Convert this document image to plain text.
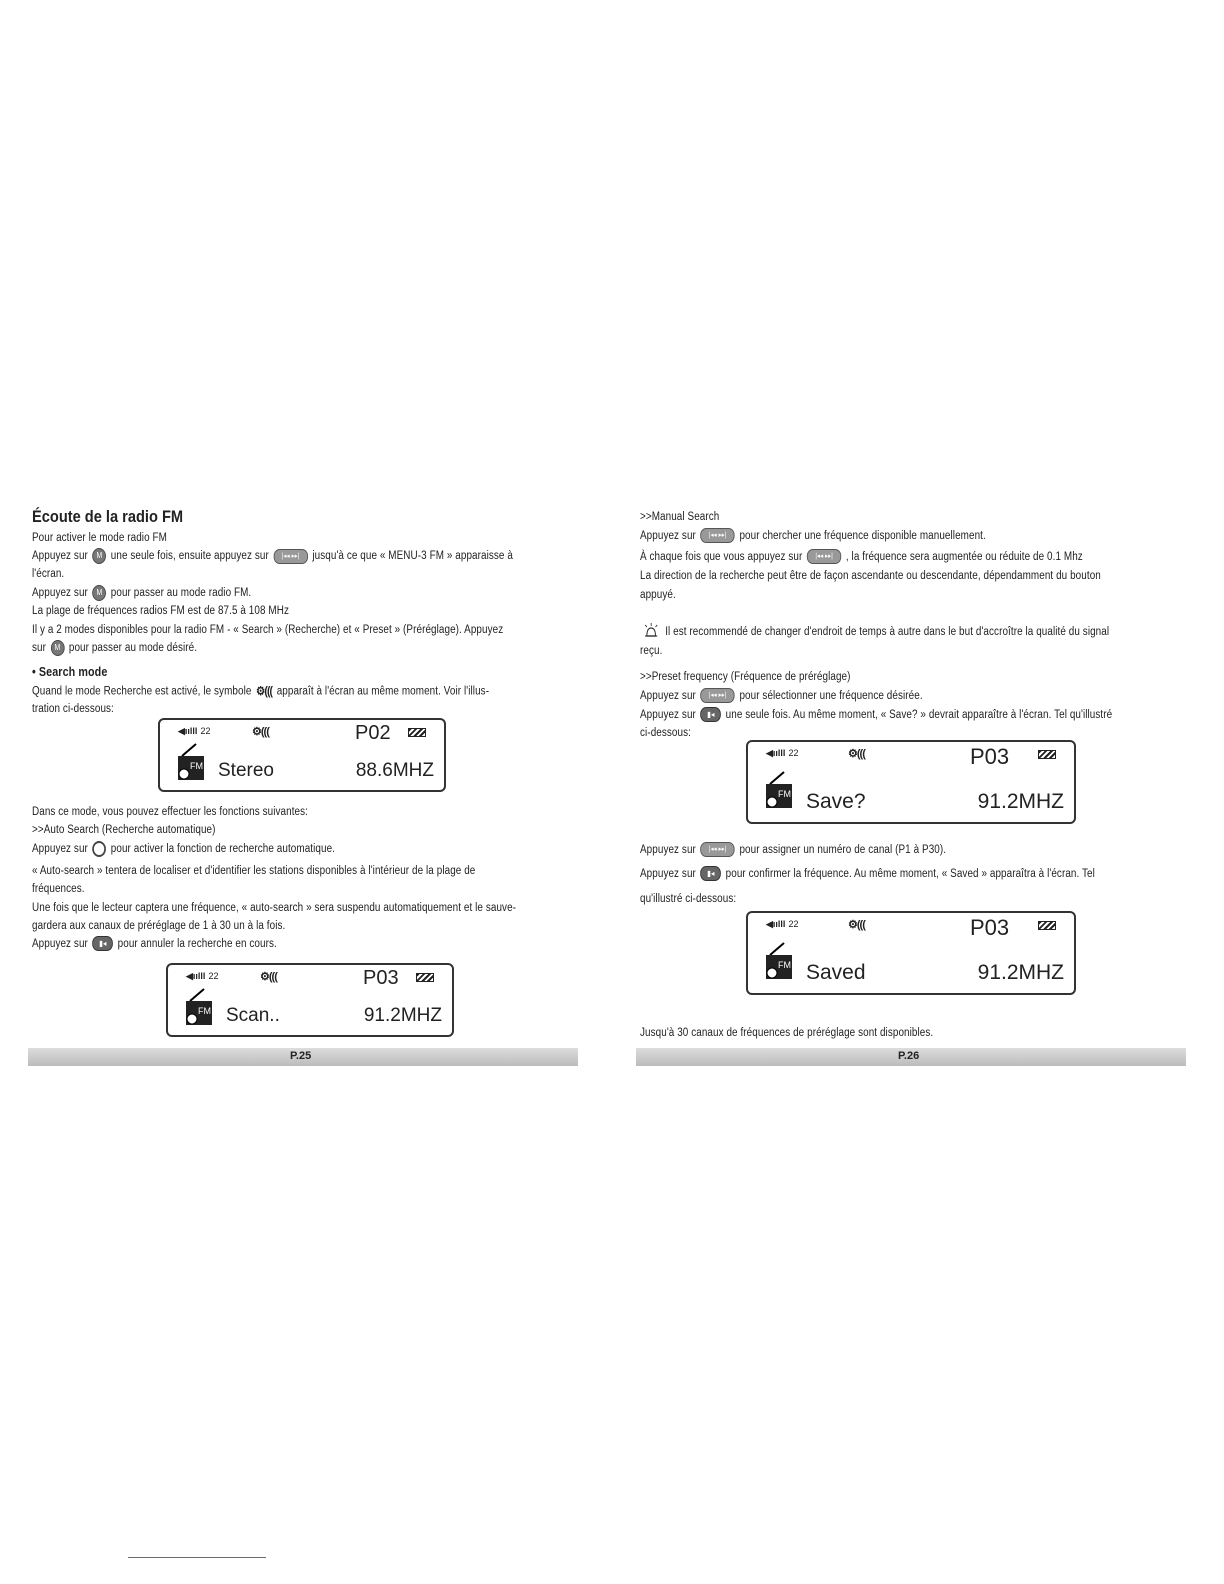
Écoute de la radio FM
Pour activer le mode radio FM
Appuyez sur M une seule fois, ensuite appuyez sur |◂◂ ▸▸| jusqu'à ce que « MENU-3 FM » apparaisse à
l'écran.
Appuyez sur M pour passer au mode radio FM.
La plage de fréquences radios FM est de 87.5 à 108 MHz
Il y a 2 modes disponibles pour la radio FM - « Search » (Recherche) et « Preset » (Préréglage). Appuyez
sur M pour passer au mode désiré.
• Search mode
Quand le mode Recherche est activé, le symbole ⚙((( apparaît à l'écran au même moment. Voir l'illus-
tration ci-dessous:
◀ıılll 22	⚙(((	P02
FM Stereo	88.6MHZ
Dans ce mode, vous pouvez effectuer les fonctions suivantes:
>>Auto Search (Recherche automatique)
Appuyez sur pour activer la fonction de recherche automatique.
« Auto-search » tentera de localiser et d'identifier les stations disponibles à l'intérieur de la plage de
fréquences.
Une fois que le lecteur captera une fréquence, « auto-search » sera suspendu automatiquement et le sauve-
gardera aux canaux de préréglage de 1 à 30 un à la fois.
Appuyez sur ▮◂ pour annuler la recherche en cours.
◀ıılll 22	⚙(((	P03
FM Scan..	91.2MHZ
P.25
>>Manual Search
Appuyez sur |◂◂ ▸▸| pour chercher une fréquence disponible manuellement.
À chaque fois que vous appuyez sur |◂◂ ▸▸| , la fréquence sera augmentée ou réduite de 0.1 Mhz
La direction de la recherche peut être de façon ascendante ou descendante, dépendamment du bouton
appuyé.
Il est recommendé de changer d'endroit de temps à autre dans le but d'accroître la qualité du signal
reçu.
>>Preset frequency (Fréquence de préréglage)
Appuyez sur |◂◂ ▸▸| pour sélectionner une fréquence désirée.
Appuyez sur ▮◂ une seule fois. Au même moment, « Save? » devrait apparaître à l'écran. Tel qu'illustré
ci-dessous:
◀ıılll 22	⚙(((	P03
FM Save?	91.2MHZ
Appuyez sur |◂◂ ▸▸| pour assigner un numéro de canal (P1 à P30).
Appuyez sur ▮◂ pour confirmer la fréquence. Au même moment, « Saved » apparaîtra à l'écran. Tel
qu'illustré ci-dessous:
◀ıılll 22	⚙(((	P03
FM Saved	91.2MHZ
Jusqu'à 30 canaux de fréquences de préréglage sont disponibles.
P.26
